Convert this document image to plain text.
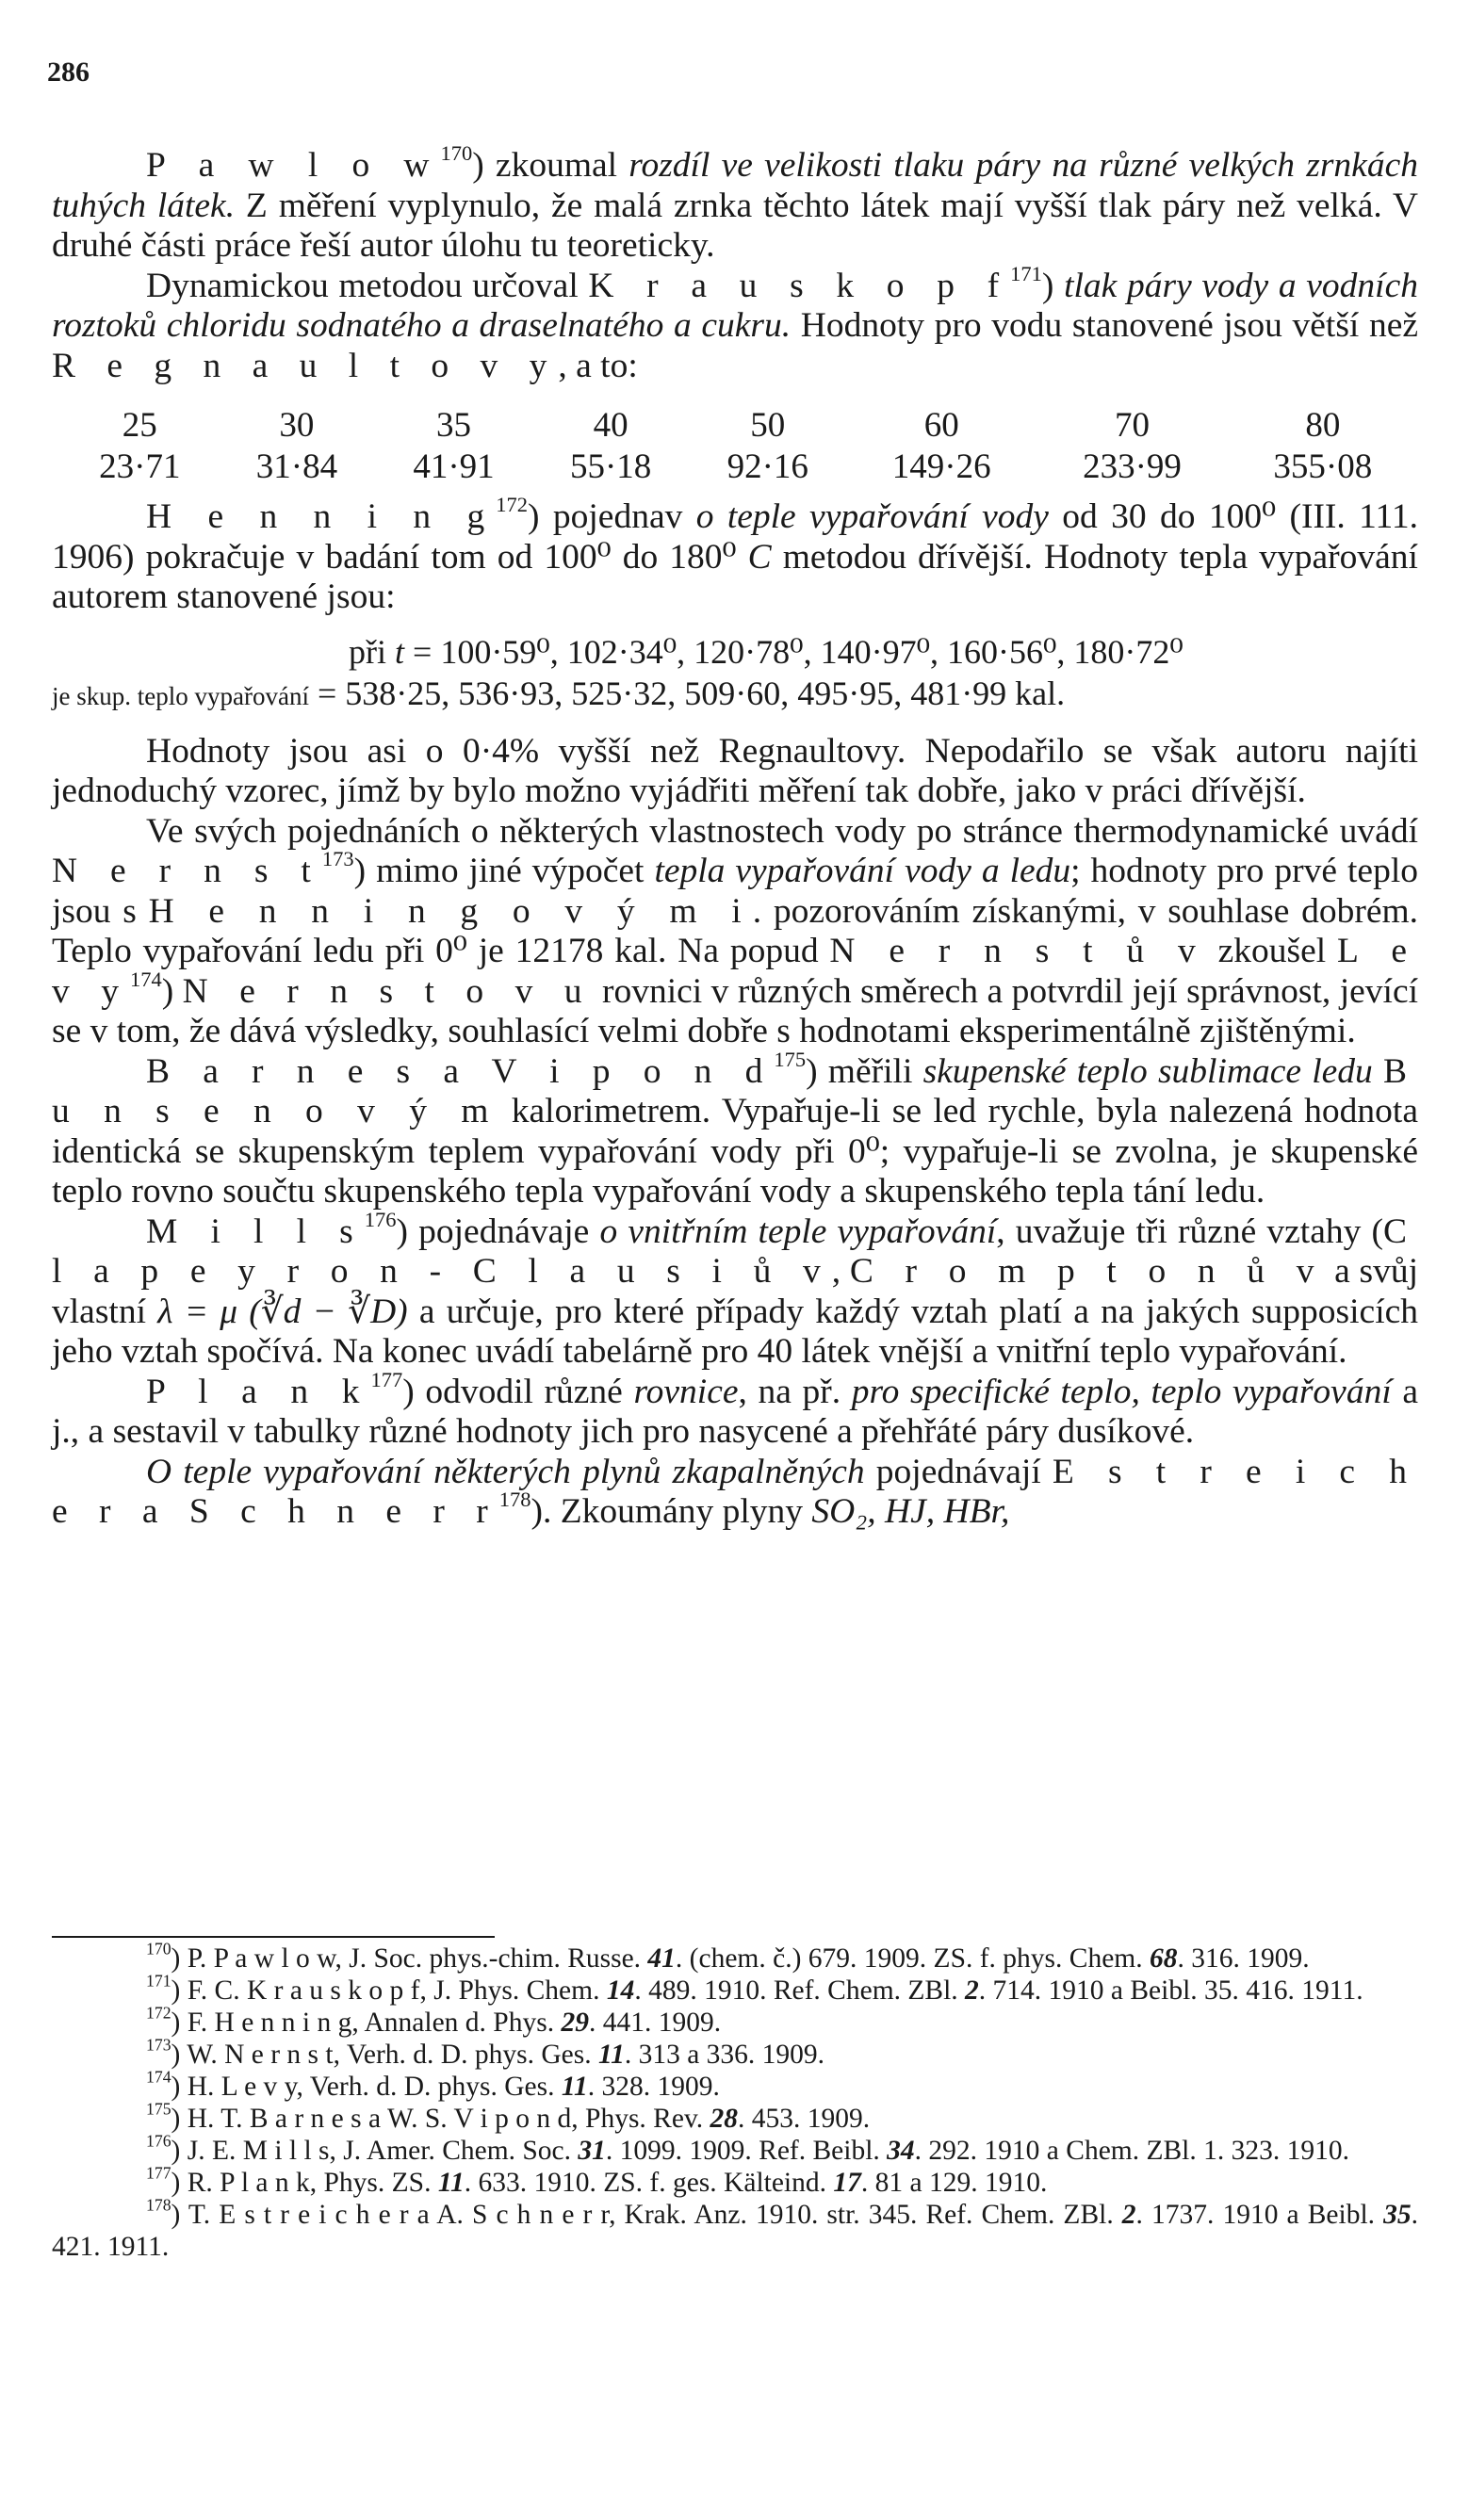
286

P a w l o $w^{170}$) zkoumal rozdíl ve velikosti tlaku páry na různé velkých zrnkách tuhých látek. Z měření vyplynulo, že malá zrnka těchto látek mají vyšší tlak páry než velká. V druhé části práce řeší autor úlohu tu teoreticky.

Dynamickou metodou určoval K r a u s k o p $f^{171}$) tlak páry vody a vodních roztoků chloridu sodnatého a draselnatého a cukru. Hodnoty pro vodu stanovené jsou větší než R e g n a u l t o v y, a to:

25	30	35	40	50	60	70	80
23·71	31·84	41·91	55·18	92·16	149·26	233·99	355·08

H e n n i n $g^{172}$) pojednav o teple vypařování vody od 30 do 100⁰ (III. 111. 1906) pokračuje v badání tom od 100⁰ do 180⁰ C metodou dřívější. Hodnoty tepla vypařování autorem stanovené jsou:

při t = 100·59⁰, 102·34⁰, 120·78⁰, 140·97⁰, 160·56⁰, 180·72⁰
je skup. teplo vypařování = 538·25, 536·93, 525·32, 509·60, 495·95, 481·99 kal.

Hodnoty jsou asi o 0·4% vyšší než Regnaultovy. Nepodařilo se však autoru najíti jednoduchý vzorec, jímž by bylo možno vyjádřiti měření tak dobře, jako v práci dřívější.

Ve svých pojednáních o některých vlastnostech vody po stránce thermodynamické uvádí N e r n s $t^{173}$) mimo jiné výpočet tepla vypařování vody a ledu; hodnoty pro prvé teplo jsou s H e n n i n g o v ý m i. pozorováním získanými, v souhlase dobrém. Teplo vypařování ledu při 0⁰ je 12178 kal. Na popud N e r n s t ů v zkoušel L e v $y^{174}$) N e r n s t o v u rovnici v různých směrech a potvrdil její správnost, jevící se v tom, že dává výsledky, souhlasící velmi dobře s hodnotami eksperimentálně zjištěnými.

B a r n e s a V i p o n $d^{175}$) měřili skupenské teplo sublimace ledu B u n s e n o v ý m kalorimetrem. Vypařuje-li se led rychle, byla nalezená hodnota identická se skupenským teplem vypařování vody při 0⁰; vypařuje-li se zvolna, je skupenské teplo rovno součtu skupenského tepla vypařování vody a skupenského tepla tání ledu.

M i l l $s^{176}$) pojednávaje o vnitřním teple vypařování, uvažuje tři různé vztahy (C l a p e y r o n - C l a u s i ů v, C r o m p t o n ů v a svůj vlastní λ = μ (∛d − ∛D) a určuje, pro které případy každý vztah platí a na jakých supposicích jeho vztah spočívá. Na konec uvádí tabelárně pro 40 látek vnější a vnitřní teplo vypařování.

P l a n $k^{177}$) odvodil různé rovnice, na př. pro specifické teplo, teplo vypařování a j., a sestavil v tabulky různé hodnoty jich pro nasycené a přehřáté páry dusíkové.

O teple vypařování některých plynů zkapalněných pojednávají E s t r e i c h e r a S c h n e r $r^{178}$). Zkoumány plyny SO₂, HJ, HBr,

$^{170}$) P. P a w l o w, J. Soc. phys.-chim. Russe. 41. (chem. č.) 679. 1909. ZS. f. phys. Chem. 68. 316. 1909.

$^{171}$) F. C. K r a u s k o p f, J. Phys. Chem. 14. 489. 1910. Ref. Chem. ZBl. 2. 714. 1910 a Beibl. 35. 416. 1911.

$^{172}$) F. H e n n i n g, Annalen d. Phys. 29. 441. 1909.

$^{173}$) W. N e r n s t, Verh. d. D. phys. Ges. 11. 313 a 336. 1909.

$^{174}$) H. L e v y, Verh. d. D. phys. Ges. 11. 328. 1909.

$^{175}$) H. T. B a r n e s a W. S. V i p o n d, Phys. Rev. 28. 453. 1909.

$^{176}$) J. E. M i l l s, J. Amer. Chem. Soc. 31. 1099. 1909. Ref. Beibl. 34. 292. 1910 a Chem. ZBl. 1. 323. 1910.

$^{177}$) R. P l a n k, Phys. ZS. 11. 633. 1910. ZS. f. ges. Kälteind. 17. 81 a 129. 1910.

$^{178}$) T. E s t r e i c h e r a A. S c h n e r r, Krak. Anz. 1910. str. 345. Ref. Chem. ZBl. 2. 1737. 1910 a Beibl. 35. 421. 1911.
